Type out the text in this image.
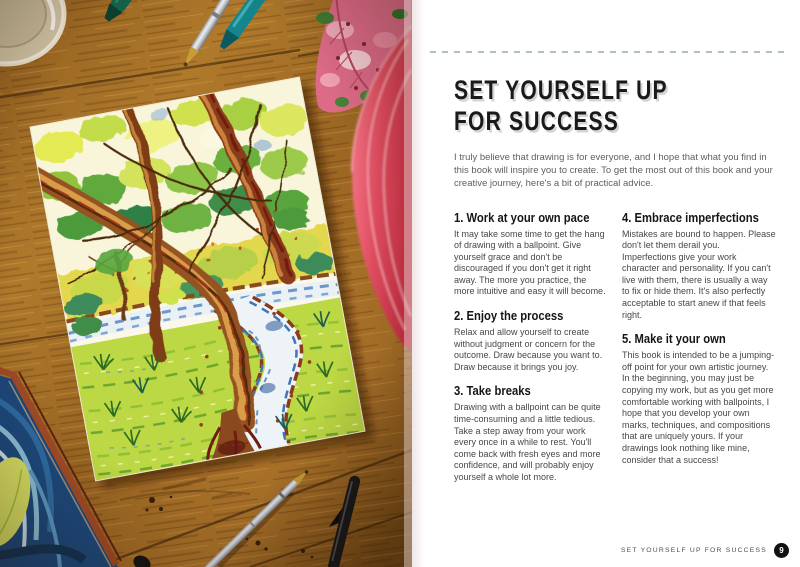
SET YOURSELF UP
FOR SUCCESS

I truly believe that drawing is for everyone, and I hope that what you find in this book will inspire you to create. To get the most out of this book and your creative journey, here's a bit of practical advice.

1. Work at your own pace

It may take some time to get the hang of drawing with a ballpoint. Give yourself grace and don't be discouraged if you don't get it right away. The more you practice, the more intuitive and easy it will become.

2. Enjoy the process

Relax and allow yourself to create without judgment or concern for the outcome. Draw because you want to. Draw because it brings you joy.

3. Take breaks

Drawing with a ballpoint can be quite time-consuming and a little tedious. Take a step away from your work every once in a while to rest. You'll come back with fresh eyes and more confidence, and will probably enjoy yourself a whole lot more.

4. Embrace imperfections

Mistakes are bound to happen. Please don't let them derail you. Imperfections give your work character and personality. If you can't live with them, there is usually a way to fix or hide them. It's also perfectly acceptable to start anew if that feels right.

5. Make it your own

This book is intended to be a jumping-off point for your own artistic journey. In the beginning, you may just be copying my work, but as you get more comfortable working with ballpoints, I hope that you develop your own marks, techniques, and compositions that are uniquely yours. If your drawings look nothing like mine, consider that a success!

SET YOURSELF UP FOR SUCCESS	9
